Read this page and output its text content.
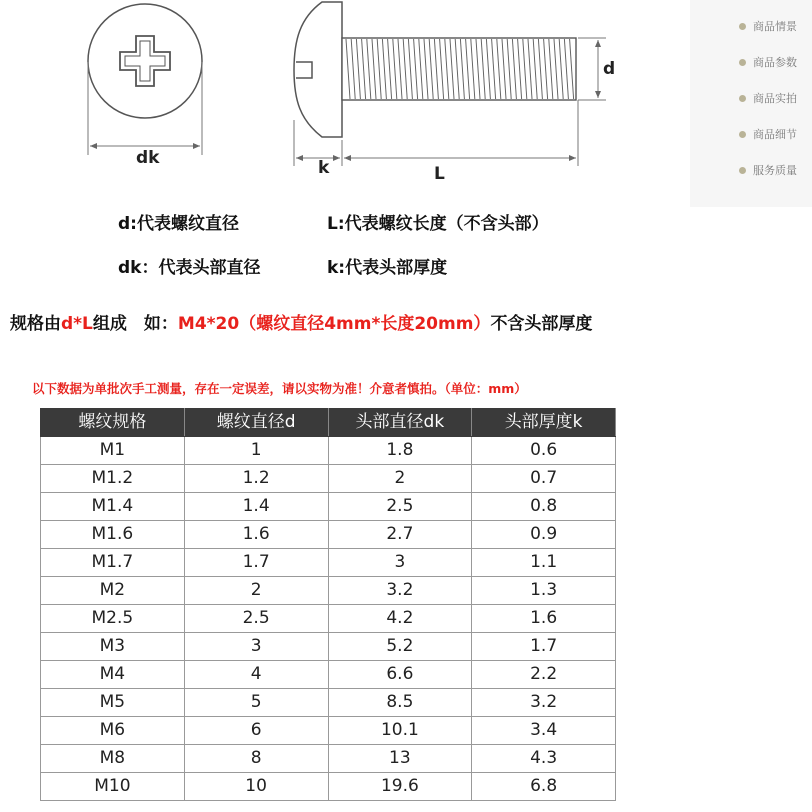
dk	k	L
d
d:代表螺纹直径	L:代表螺纹长度（不含头部）
dk：代表头部直径	k:代表头部厚度
规格由d*L组成　如：M4*20（螺纹直径4mm*长度20mm）不含头部厚度
以下数据为单批次手工测量，存在一定误差，请以实物为准！介意者慎拍。（单位：mm）
螺纹规格	螺纹直径d	头部直径dk	头部厚度k
M1	1	1.8	0.6
M1.2	1.2	2	0.7
M1.4	1.4	2.5	0.8
M1.6	1.6	2.7	0.9
M1.7	1.7	3	1.1
M2	2	3.2	1.3
M2.5	2.5	4.2	1.6
M3	3	5.2	1.7
M4	4	6.6	2.2
M5	5	8.5	3.2
M6	6	10.1	3.4
M8	8	13	4.3
M10	10	19.6	6.8
商品情景
商品参数
商品实拍
商品细节
服务质量
